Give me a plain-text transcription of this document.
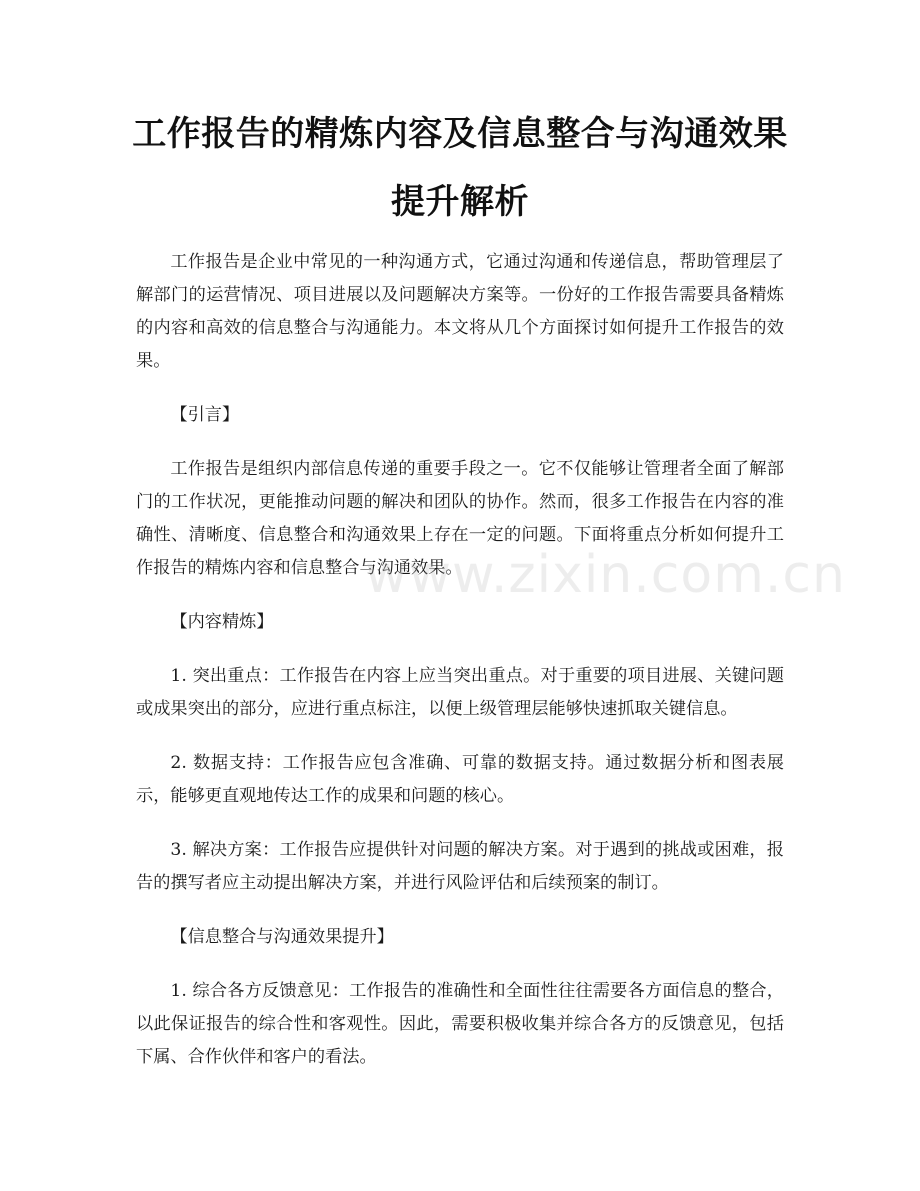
工作报告的精炼内容及信息整合与沟通效果
提升解析

工作报告是企业中常见的一种沟通方式，它通过沟通和传递信息，帮助管理层了解部门的运营情况、项目进展以及问题解决方案等。一份好的工作报告需要具备精炼的内容和高效的信息整合与沟通能力。本文将从几个方面探讨如何提升工作报告的效果。

【引言】

工作报告是组织内部信息传递的重要手段之一。它不仅能够让管理者全面了解部门的工作状况，更能推动问题的解决和团队的协作。然而，很多工作报告在内容的准确性、清晰度、信息整合和沟通效果上存在一定的问题。下面将重点分析如何提升工作报告的精炼内容和信息整合与沟通效果。

【内容精炼】

1. 突出重点：工作报告在内容上应当突出重点。对于重要的项目进展、关键问题或成果突出的部分，应进行重点标注，以便上级管理层能够快速抓取关键信息。

2. 数据支持：工作报告应包含准确、可靠的数据支持。通过数据分析和图表展示，能够更直观地传达工作的成果和问题的核心。

3. 解决方案：工作报告应提供针对问题的解决方案。对于遇到的挑战或困难，报告的撰写者应主动提出解决方案，并进行风险评估和后续预案的制订。

【信息整合与沟通效果提升】

1. 综合各方反馈意见：工作报告的准确性和全面性往往需要各方面信息的整合，以此保证报告的综合性和客观性。因此，需要积极收集并综合各方的反馈意见，包括下属、合作伙伴和客户的看法。

www.zixin.com.cn
